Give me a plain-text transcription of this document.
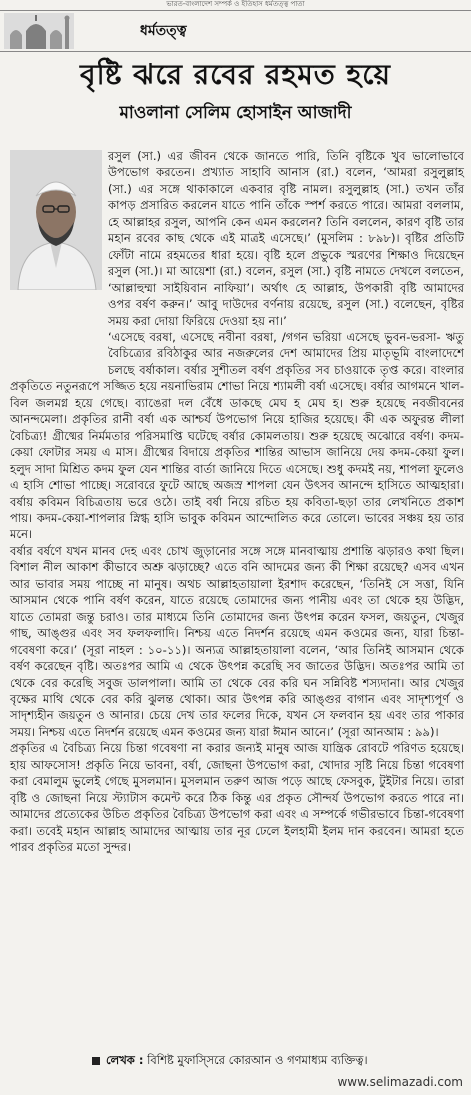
ভারত-বাংলাদেশ সম্পর্ক ও ইতিহাস ধর্মতত্ত্ব পাতা
ধর্মতত্ত্ব
বৃষ্টি ঝরে রবের রহমত হয়ে
মাওলানা সেলিম হোসাইন আজাদী

রসুল (সা.) এর জীবন থেকে জানতে পারি, তিনি বৃষ্টিকে খুব ভালোভাবে উপভোগ করতেন। প্রখ্যাত সাহাবি আনাস (রা.) বলেন, ‘আমরা রসুলুল্লাহ (সা.) এর সঙ্গে থাকাকালে একবার বৃষ্টি নামল। রসুলুল্লাহ (সা.) তখন তাঁর কাপড় প্রসারিত করলেন যাতে পানি তাঁকে স্পর্শ করতে পারে। আমরা বললাম, হে আল্লাহর রসুল, আপনি কেন এমন করলেন? তিনি বললেন, কারণ বৃষ্টি তার মহান রবের কাছ থেকে এই মাত্রই এসেছে।’ (মুসলিম : ৮৯৮)। বৃষ্টির প্রতিটি ফোঁটা নামে রহমতের ধারা হয়ে। বৃষ্টি হলে প্রভুকে স্মরণের শিক্ষাও দিয়েছেন রসুল (সা.)। মা আয়েশা (রা.) বলেন, রসুল (সা.) বৃষ্টি নামতে দেখলে বলতেন, ‘আল্লাহুম্মা সাইয়িবান নাফিয়া’। অর্থাৎ হে আল্লাহ, উপকারী বৃষ্টি আমাদের ওপর বর্ষণ করুন।’ আবু দাউদের বর্ণনায় রয়েছে, রসুল (সা.) বলেছেন, বৃষ্টির সময় করা দোয়া ফিরিয়ে দেওয়া হয় না।’

‘এসেছে বরষা, এসেছে নবীনা বরষা, /গগন ভরিয়া এসেছে ভুবন-ভরসা- ঋতু বৈচিত্র্যের রবিঠাকুর আর নজরুলের দেশ আমাদের প্রিয় মাতৃভূমি বাংলাদেশে চলছে বর্ষাকাল। বর্ষার সুশীতল বর্ষণ প্রকৃতির সব চাওয়াকে তৃপ্ত করে। বাংলার প্রকৃতিতে নতুনরূপে সজ্জিত হয়ে নয়নাভিরাম শোভা নিয়ে শ্যামলী বর্ষা এসেছে। বর্ষার আগমনে খাল-বিল জলমগ্ন হয়ে গেছে। ব্যাঙেরা দল বেঁধে ডাকছে মেঘ হ মেঘ হ। শুরু হয়েছে নবজীবনের আনন্দমেলা। প্রকৃতির রানী বর্ষা এক আশ্চর্য উপভোগ নিয়ে হাজির হয়েছে। কী এক অফুরন্ত লীলা বৈচিত্র্য! গ্রীষ্মের নির্মমতার পরিসমাপ্তি ঘটেছে বর্ষার কোমলতায়। শুরু হয়েছে অঝোরে বর্ষণ। কদম-কেয়া ফোটার সময় এ মাস। গ্রীষ্মের বিদায়ে প্রকৃতির শান্তির আভাস জানিয়ে দেয় কদম-কেয়া ফুল। হলুদ সাদা মিশ্রিত কদম ফুল যেন শান্তির বার্তা জানিয়ে দিতে এসেছে। শুধু কদমই নয়, শাপলা ফুলেও এ হাসি শোভা পাচ্ছে। সরোবরে ফুটে আছে অজস্র শাপলা যেন উৎসব আনন্দে হাসিতে আত্মহারা। বর্ষায় কবিমন বিচিত্রতায় ভরে ওঠে। তাই বর্ষা নিয়ে রচিত হয় কবিতা-ছড়া তার লেখনিতে প্রকাশ পায়। কদম-কেয়া-শাপলার স্নিগ্ধ হাসি ভাবুক কবিমন আন্দোলিত করে তোলে। ভাবের সঞ্চয় হয় তার মনে।

বর্ষার বর্ষণে যখন মানব দেহ এবং চোখ জুড়ানোর সঙ্গে সঙ্গে মানবাত্মায় প্রশান্তি ঝড়ারও কথা ছিল। বিশাল নীল আকাশ কীভাবে অশ্রু ঝড়াচ্ছে? এতে বনি আদমের জন্য কী শিক্ষা রয়েছে? এসব এখন আর ভাবার সময় পাচ্ছে না মানুষ। অথচ আল্লাহতায়ালা ইরশাদ করেছেন, ‘তিনিই সে সত্তা, যিনি আসমান থেকে পানি বর্ষণ করেন, যাতে রয়েছে তোমাদের জন্য পানীয় এবং তা থেকে হয় উদ্ভিদ, যাতে তোমরা জন্তু চরাও। তার মাধ্যমে তিনি তোমাদের জন্য উৎপন্ন করেন ফসল, জয়তুন, খেজুর গাছ, আঙ্গুর এবং সব ফলফলাদি। নিশ্চয় এতে নিদর্শন রয়েছে এমন কওমের জন্য, যারা চিন্তা-গবেষণা করে।’ (সূরা নাহল : ১০-১১)। অন্যত্র আল্লাহতায়ালা বলেন, ‘আর তিনিই আসমান থেকে বর্ষণ করেছেন বৃষ্টি। অতঃপর আমি এ থেকে উৎপন্ন করেছি সব জাতের উদ্ভিদ। অতঃপর আমি তা থেকে বের করেছি সবুজ ডালপালা। আমি তা থেকে বের করি ঘন সন্নিবিষ্ট শস্যদানা। আর খেজুর বৃক্ষের মাথি থেকে বের করি ঝুলন্ত থোকা। আর উৎপন্ন করি আঙ্গুর বাগান এবং সাদৃশ্যপূর্ণ ও সাদৃশ্যহীন জয়তুন ও আনার। চেয়ে দেখ তার ফলের দিকে, যখন সে ফলবান হয় এবং তার পাকার সময়। নিশ্চয় এতে নিদর্শন রয়েছে এমন কওমের জন্য যারা ঈমান আনে।’ (সূরা আনআম : ৯৯)।

প্রকৃতির এ বৈচিত্র্য নিয়ে চিন্তা গবেষণা না করার জন্যই মানুষ আজ যান্ত্রিক রোবটে পরিণত হয়েছে। হায় আফসোস! প্রকৃতি নিয়ে ভাবনা, বর্ষা, জোছনা উপভোগ করা, খোদার সৃষ্টি নিয়ে চিন্তা গবেষণা করা বেমালুম ভুলেই গেছে মুসলমান। মুসলমান তরুণ আজ পড়ে আছে ফেসবুক, টুইটার নিয়ে। তারা বৃষ্টি ও জোছনা নিয়ে স্ট্যাটাস কমেন্ট করে ঠিক কিন্তু এর প্রকৃত সৌন্দর্য উপভোগ করতে পারে না। আমাদের প্রত্যেকের উচিত প্রকৃতির বৈচিত্র্য উপভোগ করা এবং এ সম্পর্কে গভীরভাবে চিন্তা-গবেষণা করা। তবেই মহান আল্লাহ আমাদের আত্মায় তার নূর ঢেলে ইলহামী ইলম দান করবেন। আমরা হতে পারব প্রকৃতির মতো সুন্দর।

লেখক : বিশিষ্ট মুফাস্সিরে কোরআন ও গণমাধ্যম ব্যক্তিত্ব।
www.selimazadi.com
